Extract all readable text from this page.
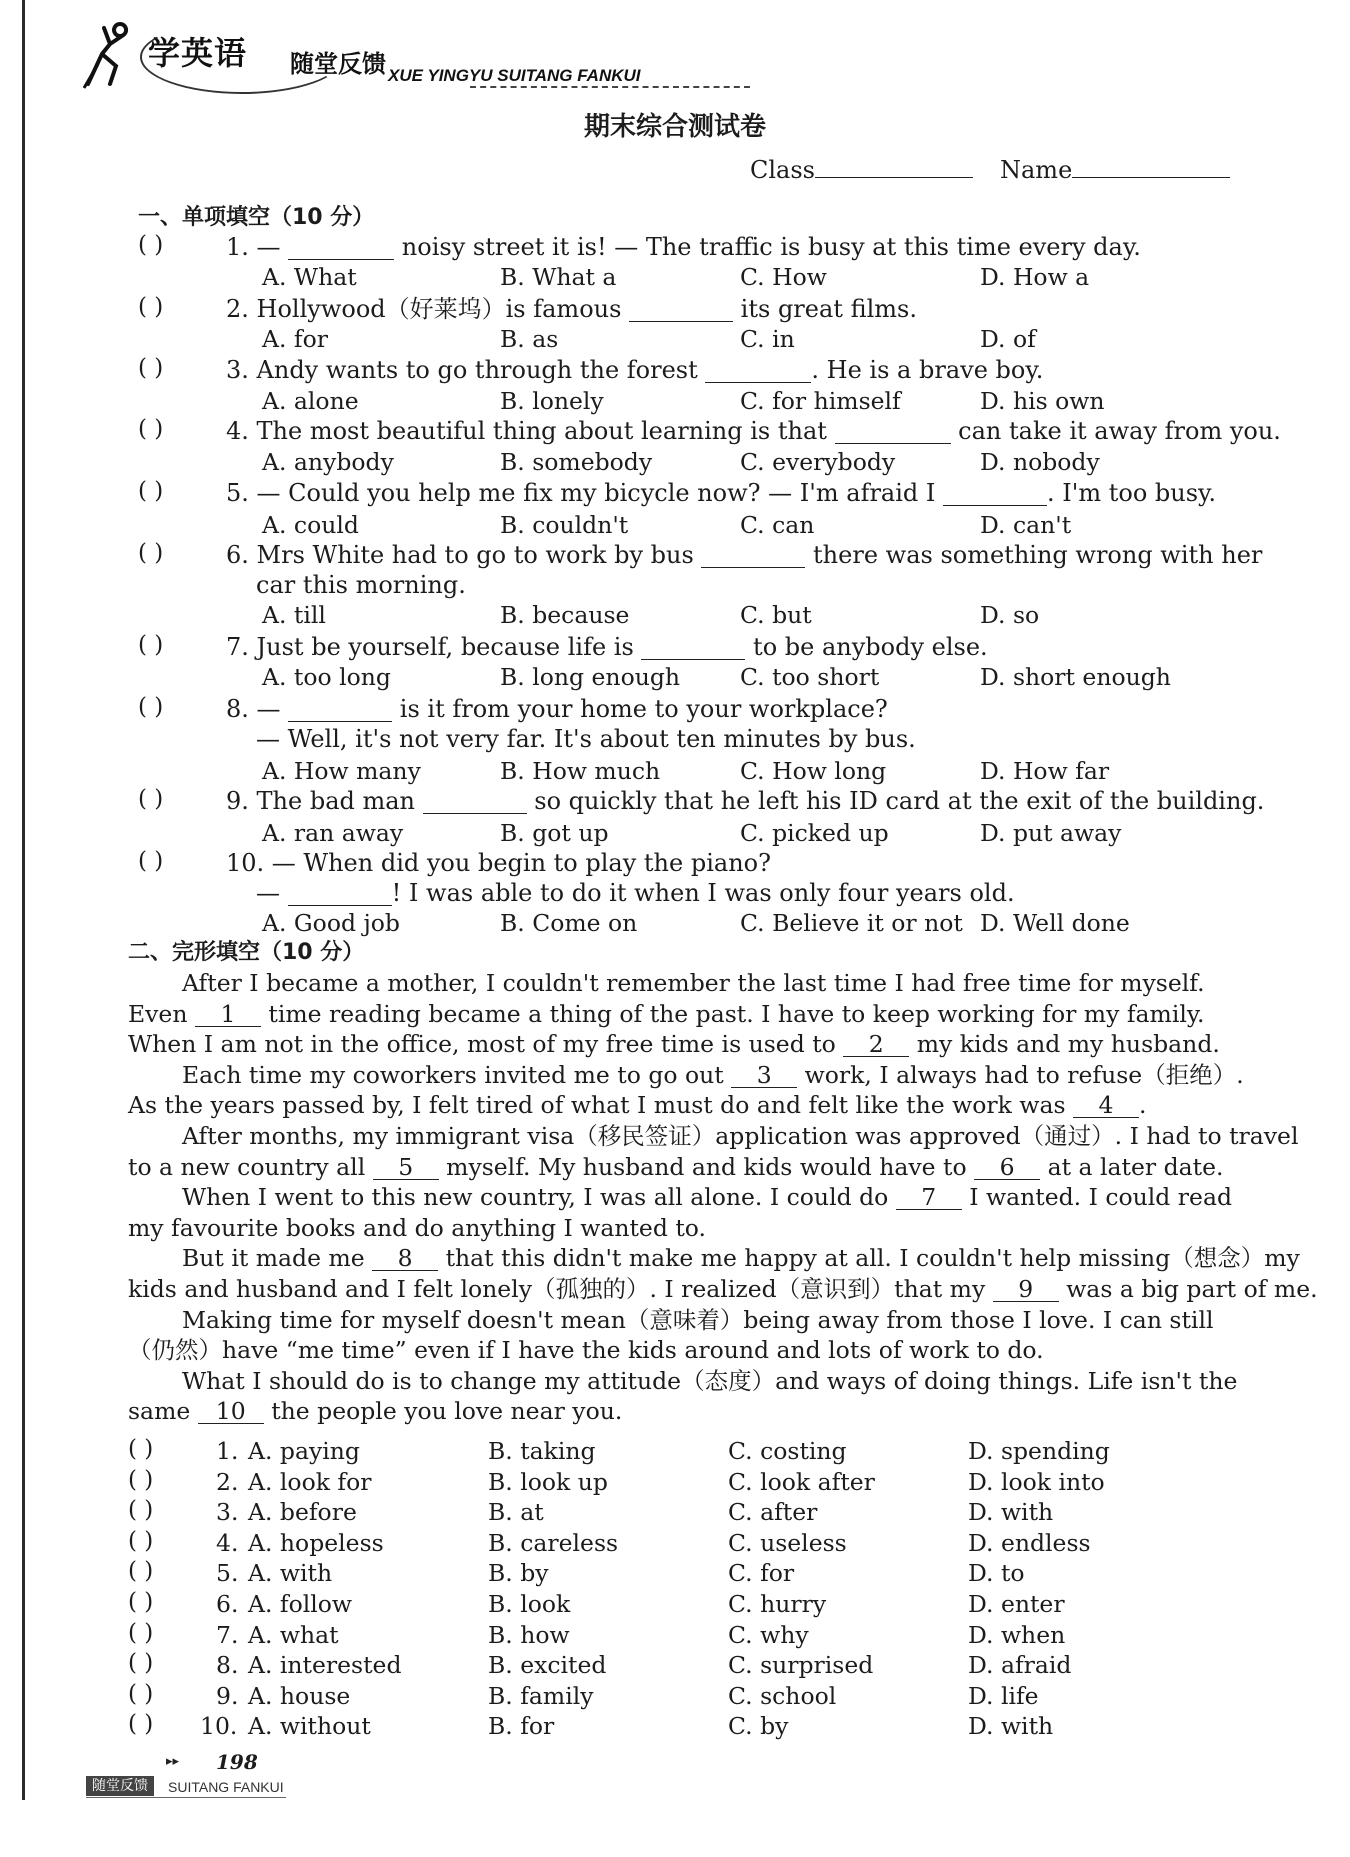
学英语 随堂反馈 XUE YINGYU SUITANG FANKUI
期末综合测试卷
Class	Name
一、单项填空（10 分）
( )	1. —	noisy street it is! — The traffic is busy at this time every day.
A. What	B. What a	C. How	D. How a
( )	2. Hollywood（好莱坞）is famous	its great films.
A. for	B. as	C. in	D. of
( )	3. Andy wants to go through the forest	. He is a brave boy.
A. alone	B. lonely	C. for himself	D. his own
( )	4. The most beautiful thing about learning is that	can take it away from you.
A. anybody	B. somebody	C. everybody	D. nobody
( )	5. — Could you help me fix my bicycle now? — I'm afraid I	. I'm too busy.
A. could	B. couldn't	C. can	D. can't
( )	6. Mrs White had to go to work by bus	there was something wrong with her
car this morning.
A. till	B. because	C. but	D. so
( )	7. Just be yourself, because life is	to be anybody else.
A. too long	B. long enough	C. too short	D. short enough
( )	8. —	is it from your home to your workplace?
— Well, it's not very far. It's about ten minutes by bus.
A. How many	B. How much	C. How long	D. How far
( )	9. The bad man	so quickly that he left his ID card at the exit of the building.
A. ran away	B. got up	C. picked up	D. put away
( )	10. — When did you begin to play the piano?
—	! I was able to do it when I was only four years old.
A. Good job	B. Come on	C. Believe it or not D. Well done
二、完形填空（10 分）
After I became a mother, I couldn't remember the last time I had free time for myself.
Even 1 time reading became a thing of the past. I have to keep working for my family.
When I am not in the office, most of my free time is used to 2 my kids and my husband.
Each time my coworkers invited me to go out 3 work, I always had to refuse（拒绝）.
As the years passed by, I felt tired of what I must do and felt like the work was 4 .
After months, my immigrant visa（移民签证）application was approved（通过）. I had to travel
to a new country all 5 myself. My husband and kids would have to 6 at a later date.
When I went to this new country, I was all alone. I could do 7 I wanted. I could read
my favourite books and do anything I wanted to.
But it made me 8 that this didn't make me happy at all. I couldn't help missing（想念）my
kids and husband and I felt lonely（孤独的）. I realized（意识到）that my 9 was a big part of me.
Making time for myself doesn't mean（意味着）being away from those I love. I can still
（仍然）have “me time” even if I have the kids around and lots of work to do.
What I should do is to change my attitude（态度）and ways of doing things. Life isn't the
same 10 the people you love near you.
( )	1. A. paying	B. taking	C. costing	D. spending
( )	2. A. look for	B. look up	C. look after	D. look into
( )	3. A. before	B. at	C. after	D. with
( )	4. A. hopeless	B. careless	C. useless	D. endless
( )	5. A. with	B. by	C. for	D. to
( )	6. A. follow	B. look	C. hurry	D. enter
( )	7. A. what	B. how	C. why	D. when
( )	8. A. interested	B. excited	C. surprised	D. afraid
( )	9. A. house	B. family	C. school	D. life
( ) 10. A. without	B. for	C. by	D. with
▸▸ 198
随堂反馈	SUITANG FANKUI
